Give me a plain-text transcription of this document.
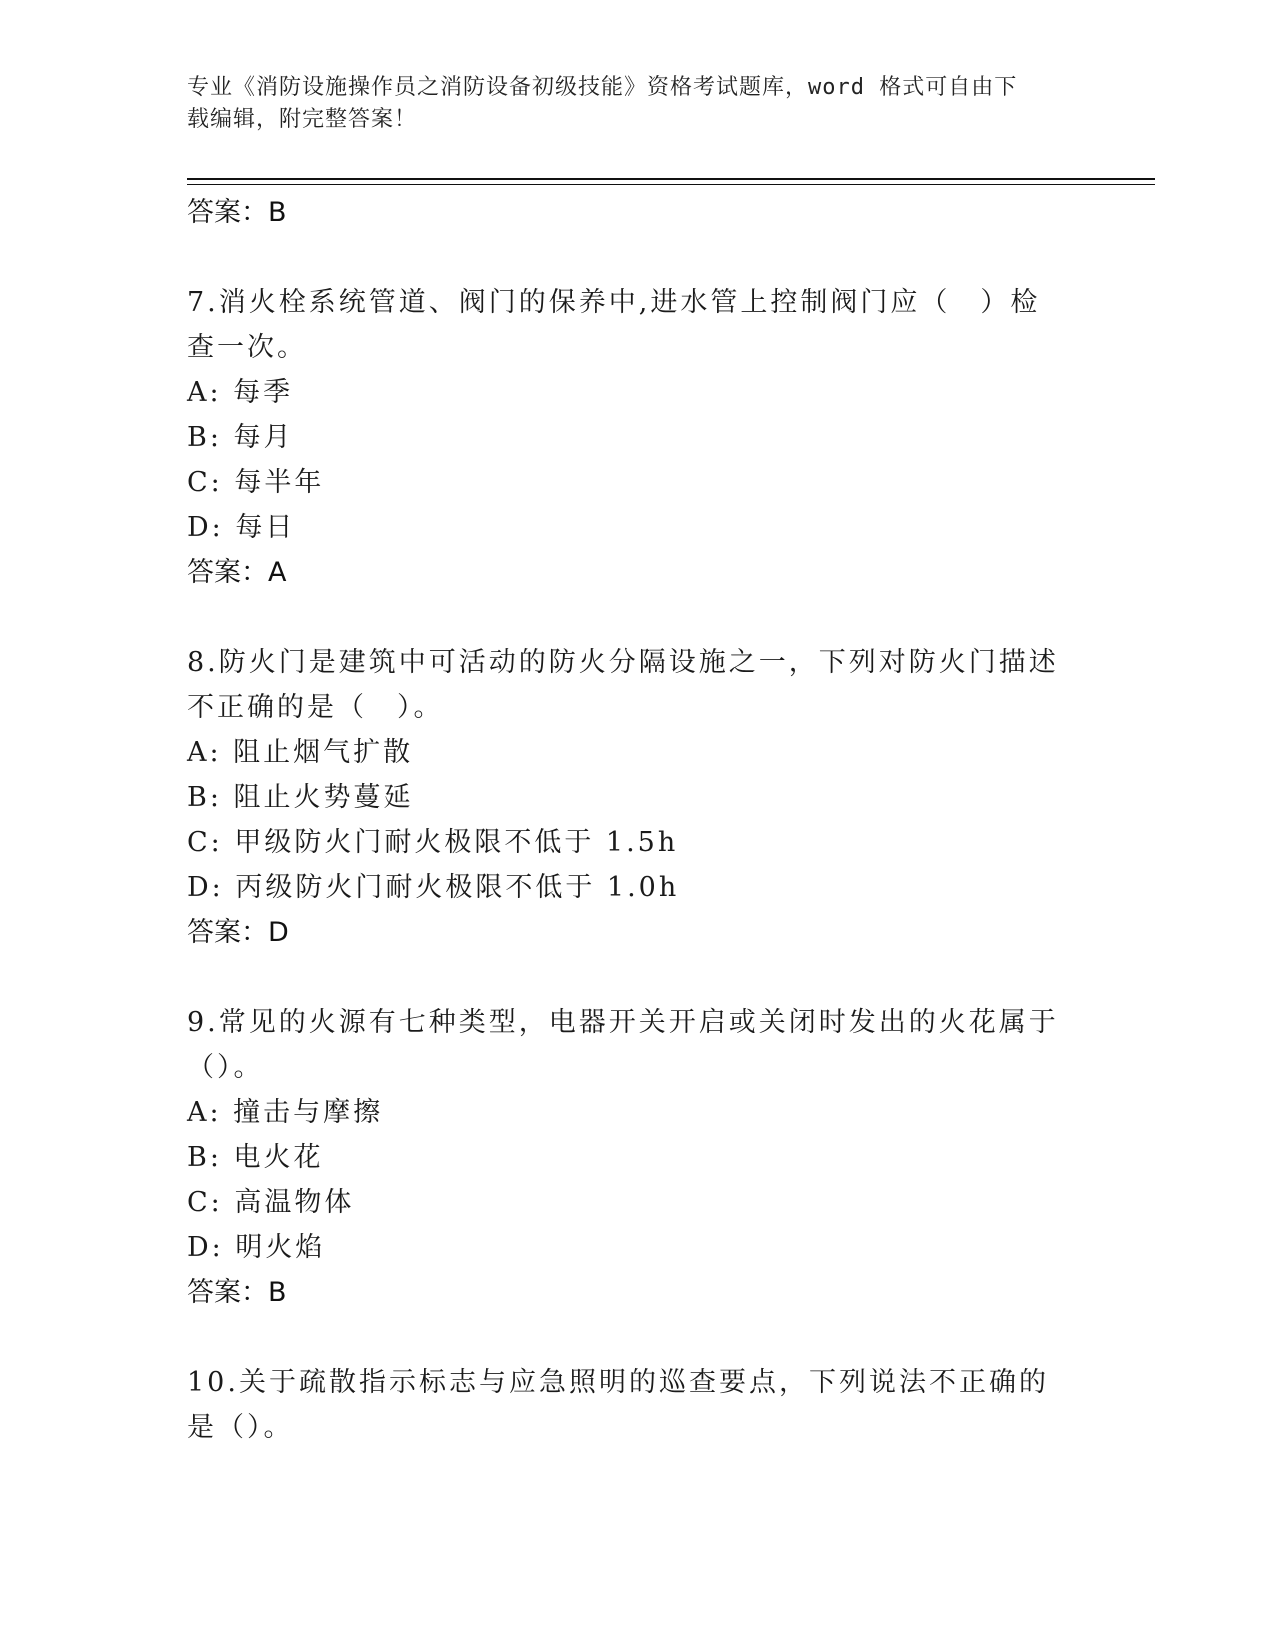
专业《消防设施操作员之消防设备初级技能》资格考试题库，word 格式可自由下
载编辑，附完整答案！
答案：B
7.消火栓系统管道、阀门的保养中,进水管上控制阀门应（　）检查一次。
A: 每季
B: 每月
C: 每半年
D: 每日
答案：A
8.防火门是建筑中可活动的防火分隔设施之一，下列对防火门描述不正确的是（　）。
A: 阻止烟气扩散
B: 阻止火势蔓延
C: 甲级防火门耐火极限不低于 1.5h
D: 丙级防火门耐火极限不低于 1.0h
答案：D
9.常见的火源有七种类型，电器开关开启或关闭时发出的火花属于（）。
A: 撞击与摩擦
B: 电火花
C: 高温物体
D: 明火焰
答案：B
10.关于疏散指示标志与应急照明的巡查要点，下列说法不正确的是（）。
